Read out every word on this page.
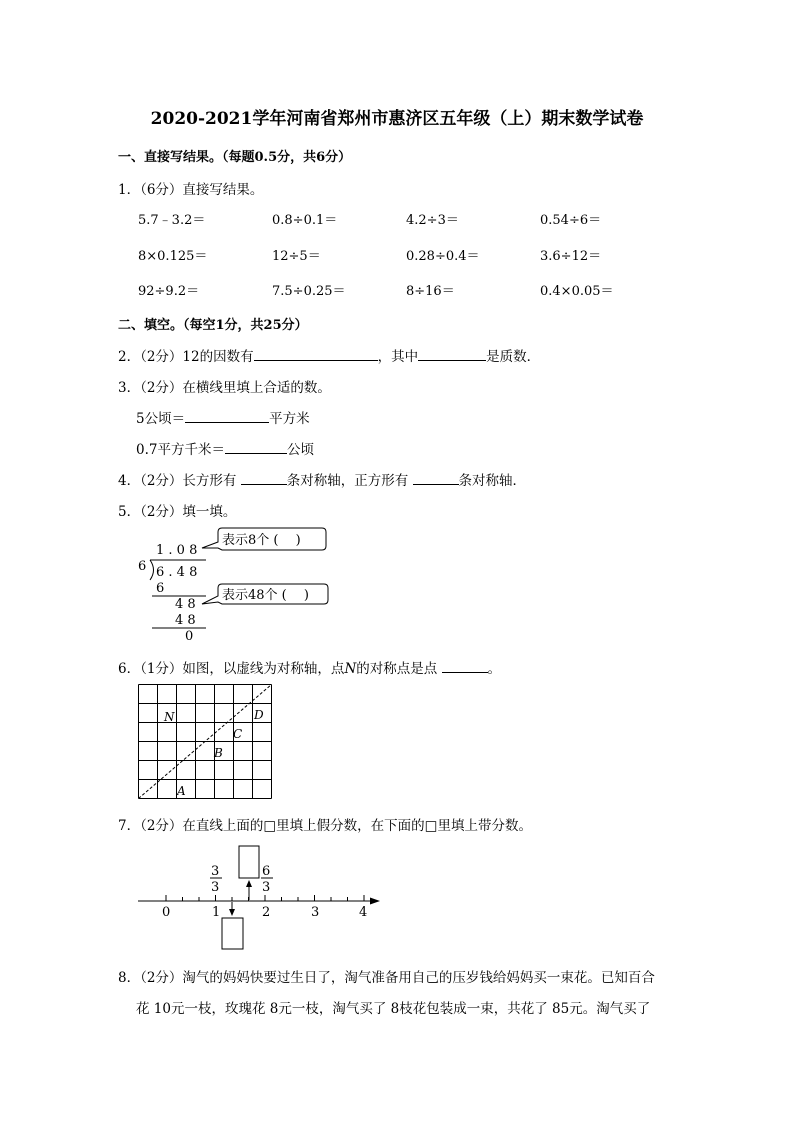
2020-2021学年河南省郑州市惠济区五年级（上）期末数学试卷
一、直接写结果。（每题0.5分，共6分）
1．（6分）直接写结果。
5.7﹣3.2＝	0.8÷0.1＝	4.2÷3＝	0.54÷6＝
8×0.125＝	12÷5＝	0.28÷0.4＝	3.6÷12＝
92÷9.2＝	7.5÷0.25＝	8÷16＝	0.4×0.05＝
二、填空。（每空1分，共25分）
2．（2分）12的因数有	，其中	是质数．
3．（2分）在横线里填上合适的数。
5公顷＝	平方米
0.7平方千米＝	公顷
4．（2分）长方形有	条对称轴，正方形有	条对称轴．
5．（2分）填一填。
1 . 0 8
6 6 . 4 8
6
4 8
4 8
0
表示8个 (　 )
表示48个 (　 )
6．（1分）如图，以虚线为对称轴，点N的对称点是点	。
N	D
C
B
A
7．（2分）在直线上面的□里填上假分数，在下面的□里填上带分数。
0	1	2	3	4
3
3
6
3
8．（2分）淘气的妈妈快要过生日了，淘气准备用自己的压岁钱给妈妈买一束花。已知百合
花 10元一枝，玫瑰花 8元一枝，淘气买了 8枝花包装成一束，共花了 85元。淘气买了
